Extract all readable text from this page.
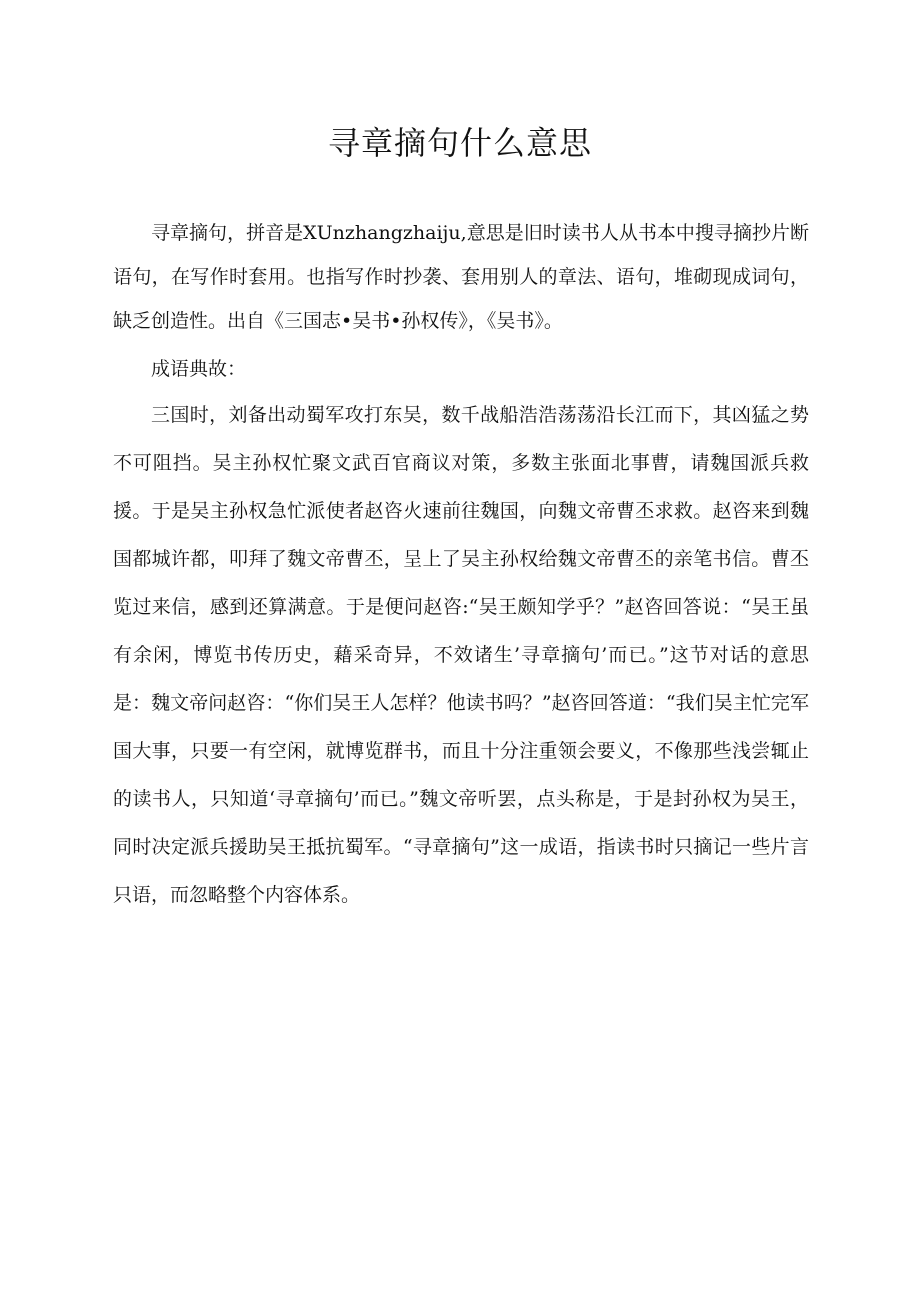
寻章摘句什么意思

寻章摘句，拼音是XUnzhangzhaiju,意思是旧时读书人从书本中搜寻摘抄片断语句，在写作时套用。也指写作时抄袭、套用别人的章法、语句，堆砌现成词句，缺乏创造性。出自《三国志•吴书•孙权传》，《吴书》。

成语典故：

三国时，刘备出动蜀军攻打东吴，数千战船浩浩荡荡沿长江而下，其凶猛之势不可阻挡。吴主孙权忙聚文武百官商议对策，多数主张面北事曹，请魏国派兵救援。于是吴主孙权急忙派使者赵咨火速前往魏国，向魏文帝曹丕求救。赵咨来到魏国都城许都，叩拜了魏文帝曹丕，呈上了吴主孙权给魏文帝曹丕的亲笔书信。曹丕览过来信，感到还算满意。于是便问赵咨:“吴王颇知学乎？”赵咨回答说：“吴王虽有余闲，博览书传历史，藉采奇异，不效诸生’寻章摘句’而已。”这节对话的意思是：魏文帝问赵咨：“你们吴王人怎样？他读书吗？”赵咨回答道：“我们吴主忙完军国大事，只要一有空闲，就博览群书，而且十分注重领会要义，不像那些浅尝辄止的读书人，只知道‘寻章摘句’而已。”魏文帝听罢，点头称是，于是封孙权为吴王，同时决定派兵援助吴王抵抗蜀军。“寻章摘句”这一成语，指读书时只摘记一些片言只语，而忽略整个内容体系。
